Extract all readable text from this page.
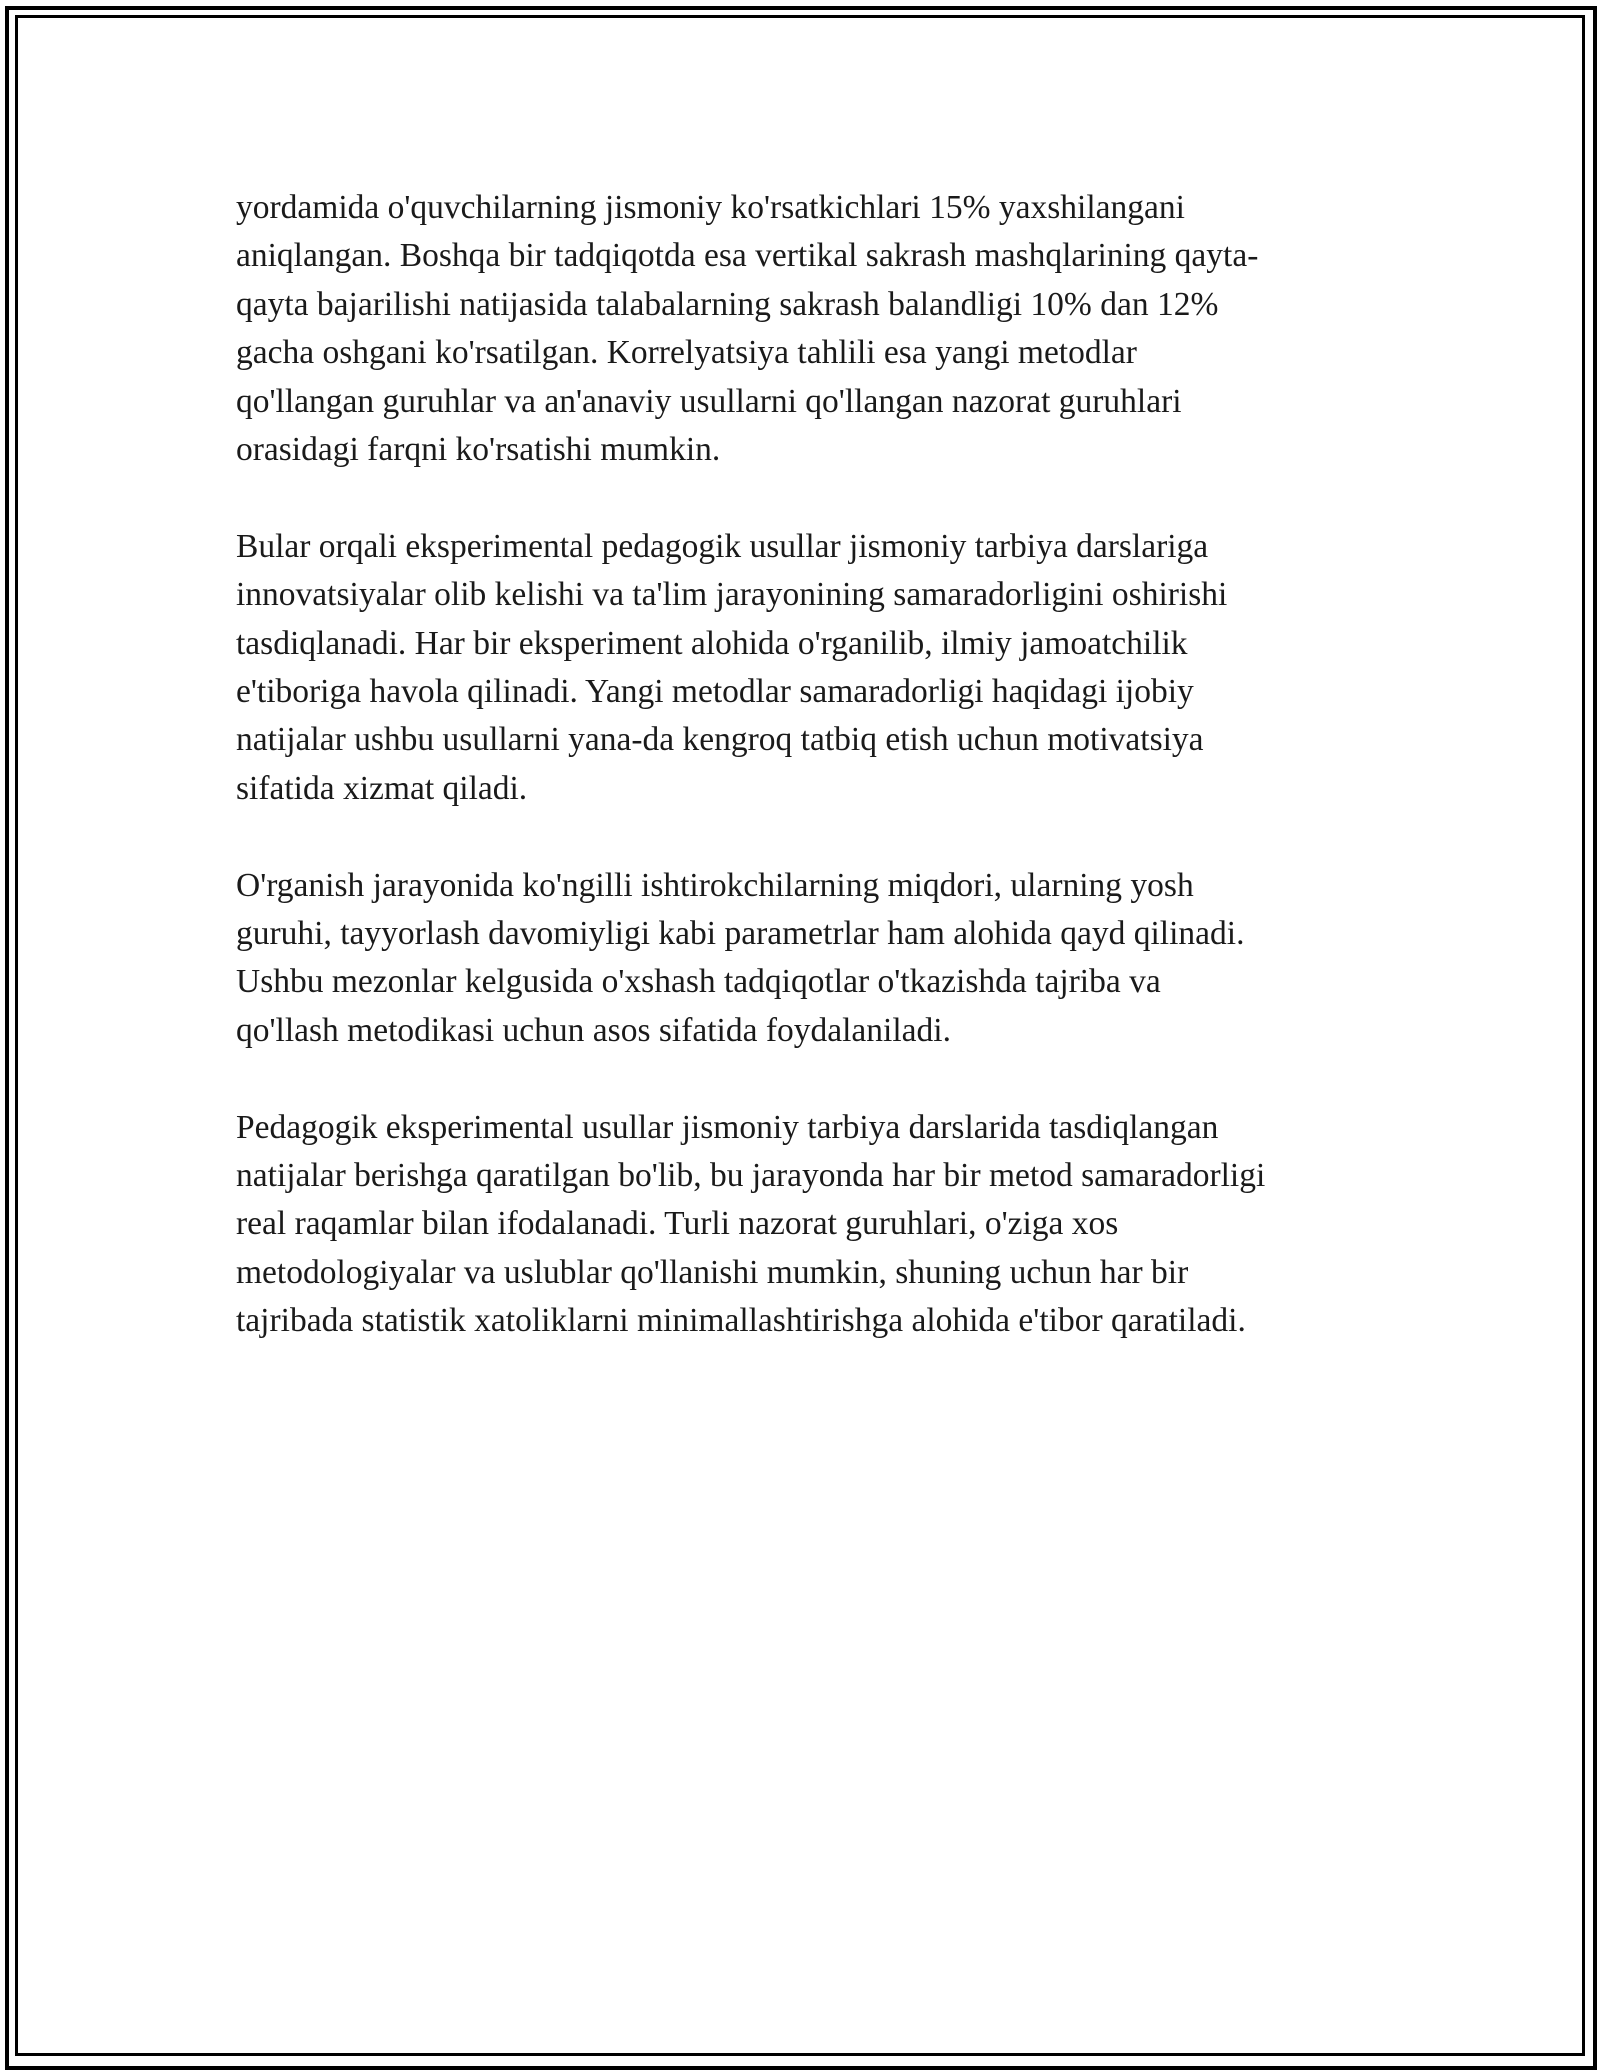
yordamida o'quvchilarning jismoniy ko'rsatkichlari 15% yaxshilangani
aniqlangan. Boshqa bir tadqiqotda esa vertikal sakrash mashqlarining qayta-
qayta bajarilishi natijasida talabalarning sakrash balandligi 10% dan 12%
gacha oshgani ko'rsatilgan. Korrelyatsiya tahlili esa yangi metodlar
qo'llangan guruhlar va an'anaviy usullarni qo'llangan nazorat guruhlari
orasidagi farqni ko'rsatishi mumkin.

Bular orqali eksperimental pedagogik usullar jismoniy tarbiya darslariga
innovatsiyalar olib kelishi va ta'lim jarayonining samaradorligini oshirishi
tasdiqlanadi. Har bir eksperiment alohida o'rganilib, ilmiy jamoatchilik
e'tiboriga havola qilinadi. Yangi metodlar samaradorligi haqidagi ijobiy
natijalar ushbu usullarni yana-da kengroq tatbiq etish uchun motivatsiya
sifatida xizmat qiladi.

O'rganish jarayonida ko'ngilli ishtirokchilarning miqdori, ularning yosh
guruhi, tayyorlash davomiyligi kabi parametrlar ham alohida qayd qilinadi.
Ushbu mezonlar kelgusida o'xshash tadqiqotlar o'tkazishda tajriba va
qo'llash metodikasi uchun asos sifatida foydalaniladi.

Pedagogik eksperimental usullar jismoniy tarbiya darslarida tasdiqlangan
natijalar berishga qaratilgan bo'lib, bu jarayonda har bir metod samaradorligi
real raqamlar bilan ifodalanadi. Turli nazorat guruhlari, o'ziga xos
metodologiyalar va uslublar qo'llanishi mumkin, shuning uchun har bir
tajribada statistik xatoliklarni minimallashtirishga alohida e'tibor qaratiladi.
